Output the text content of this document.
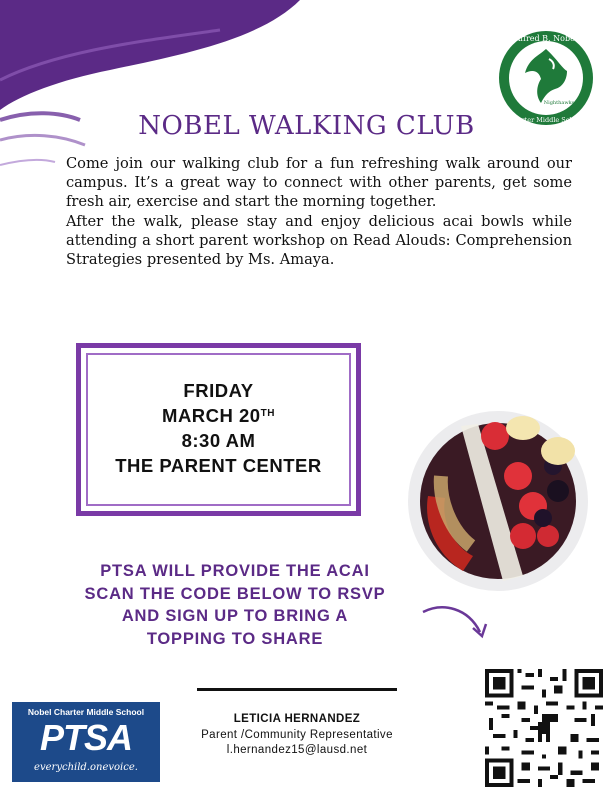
Alfred B. Nobel
Charter Middle School
Nighthawks
NOBEL WALKING CLUB

Come join our walking club for a fun refreshing walk around our campus. It’s a great way to connect with other parents, get some fresh air, exercise and start the morning together.

After the walk, please stay and enjoy delicious acai bowls while attending a short parent workshop on Read Alouds: Comprehension Strategies presented by Ms. Amaya.

FRIDAY
MARCH 20TH
8:30 AM
THE PARENT CENTER
PTSA WILL PROVIDE THE ACAI
SCAN THE CODE BELOW TO RSVP
AND SIGN UP TO BRING A
TOPPING TO SHARE
LETICIA HERNANDEZ
Parent /Community Representative
l.hernandez15@lausd.net
Nobel Charter Middle School
PTSA
everychild.onevoice.
